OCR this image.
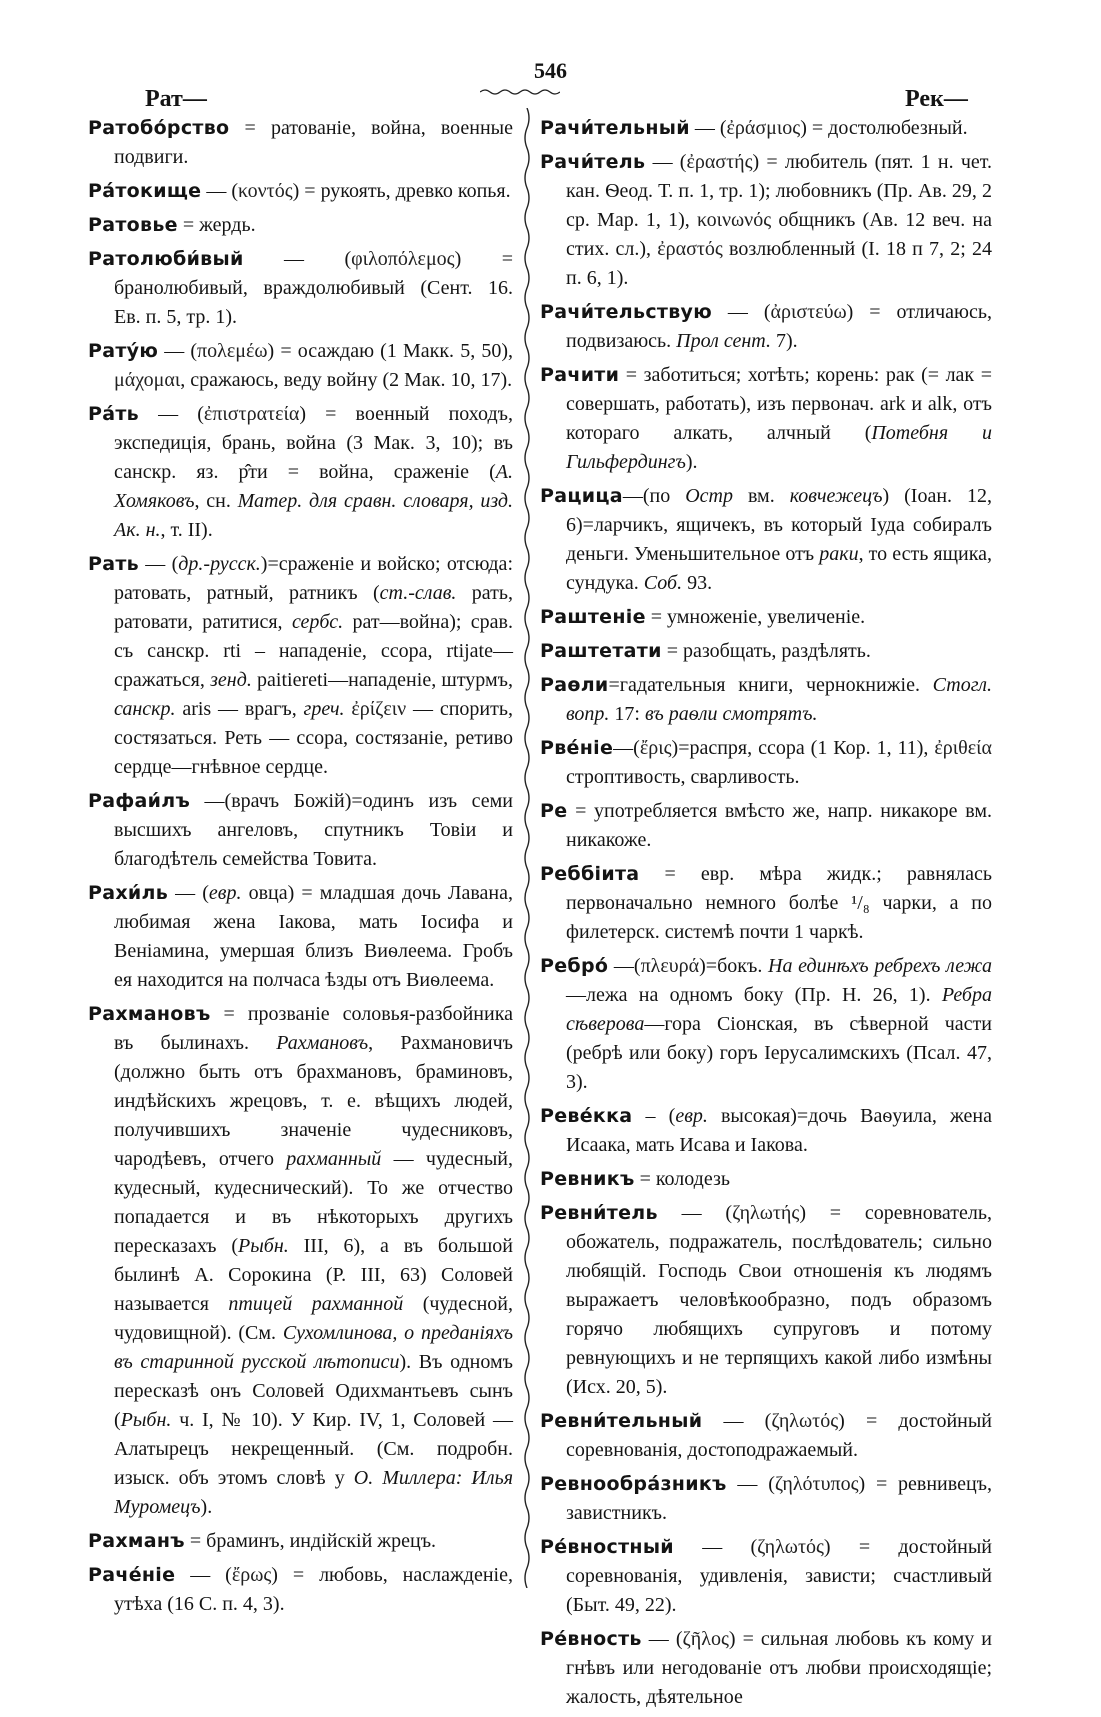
Рат—
546
Рек—
Ратобо́рство = ратованіе, война, военные подвиги.
Ра́токище — (κοντός) = рукоять, древко копья.
Ратовье = жердь.
Ратолюби́вый — (φιλοπόλεμος) = бранолюбивый, враждолюбивый (Сент. 16. Ев. п. 5, тр. 1).
Рату́ю — (πολεμέω) = осаждаю (1 Макк. 5, 50), μάχομαι, сражаюсь, веду войну (2 Мак. 10, 17).
Ра́ть — (ἐπιστρατεία) = военный походъ, экспедиція, брань, война (3 Мак. 3, 10); въ санскр. яз. р̂ти = война, сраженіе (А. Хомяковъ, сн. Матер. для сравн. словаря, изд. Ак. н., т. II).
Рать — (др.-русск.)=сраженіе и войско; отсюда: ратовать, ратный, ратникъ (ст.-слав. рать, ратовати, ратитися, сербс. рат—война); срав. съ санскр. rti – нападеніе, ссора, rtijate—сражаться, зенд. paitiereti—нападеніе, штурмъ, санскр. aris — врагъ, греч. ἐρίζειν — спорить, состязаться. Реть — ссора, состязаніе, ретиво сердце—гнѣвное сердце.
Рафаи́лъ —(врачъ Божій)=одинъ изъ семи высшихъ ангеловъ, спутникъ Товіи и благодѣтель семейства Товита.
Рахи́ль — (евр. овца) = младшая дочь Лавана, любимая жена Іакова, мать Іосифа и Веніамина, умершая близъ Виѳлеема. Гробъ ея находится на полчаса ѣзды отъ Виѳлеема.
Рахмановъ = прозваніе соловья-разбойника въ былинахъ. Рахмановъ, Рахмановичъ (должно быть отъ брахмановъ, браминовъ, индѣйскихъ жрецовъ, т. е. вѣщихъ людей, получившихъ значеніе чудесниковъ, чародѣевъ, отчего рахманный — чудесный, кудесный, кудеснический). То же отчество попадается и въ нѣкоторыхъ другихъ пересказахъ (Рыбн. III, 6), а въ большой былинѣ А. Сорокина (Р. III, 63) Соловей называется птицей рахманной (чудесной, чудовищной). (См. Сухомлинова, о преданіяхъ въ старинной русской лѣтописи). Въ одномъ пересказѣ онъ Соловей Одихмантьевъ сынъ (Рыбн. ч. I, № 10). У Кир. IV, 1, Соловей — Алатырецъ некрещенный. (См. подробн. изыск. объ этомъ словѣ у О. Миллера: Илья Муромецъ).
Рахманъ = браминъ, индійскій жрецъ.
Раче́ніе — (ἔρως) = любовь, наслажденіе, утѣха (16 С. п. 4, 3).
Рачи́тельный — (ἐράσμιος) = достолюбезный.
Рачи́тель — (ἐραστής) = любитель (пят. 1 н. чет. кан. Ѳеод. Т. п. 1, тр. 1); любовникъ (Пр. Ав. 29, 2 ср. Мар. 1, 1), κοινωνός общникъ (Ав. 12 веч. на стих. сл.), ἐραστός возлюбленный (І. 18 п 7, 2; 24 п. 6, 1).
Рачи́тельствую — (ἀριστεύω) = отличаюсь, подвизаюсь. Прол сент. 7).
Рачити = заботиться; хотѣть; корень: рак (= лак = совершать, работать), изъ первонач. ark и alk, отъ котораго алкать, алчный (Потебня и Гильфердингъ).
Рацица—(по Остр вм. ковчежецъ) (Іоан. 12, 6)=ларчикъ, ящичекъ, въ который Іуда собиралъ деньги. Уменьшительное отъ раки, то есть ящика, сундука. Соб. 93.
Раштеніе = умноженіе, увеличеніе.
Раштетати = разобщать, раздѣлять.
Раѳли=гадательныя книги, чернокнижіе. Стогл. вопр. 17: въ раѳли смотрятъ.
Рве́ніе—(ἔρις)=распря, ссора (1 Кор. 1, 11), ἐριθεία строптивость, сварливость.
Ре = употребляется вмѣсто же, напр. никакоре вм. никакоже.
Реббіита = евр. мѣра жидк.; равнялась первоначально немного болѣе ¹/₈ чарки, а по филетерск. системѣ почти 1 чаркѣ.
Ребро́ —(πλευρά)=бокъ. На единѣхъ ребрехъ лежа—лежа на одномъ боку (Пр. Н. 26, 1). Ребра сѣверова—гора Сіонская, въ сѣверной части (ребрѣ или боку) горъ Іерусалимскихъ (Псал. 47, 3).
Реве́кка – (евр. высокая)=дочь Ваѳуила, жена Исаака, мать Исава и Іакова.
Ревникъ = колодезь
Ревни́тель — (ζηλωτής) = соревнователь, обожатель, подражатель, послѣдователь; сильно любящій. Господь Свои отношенія къ людямъ выражаетъ человѣкообразно, подъ образомъ горячо любящихъ супруговъ и потому ревнующихъ и не терпящихъ какой либо измѣны (Исх. 20, 5).
Ревни́тельный — (ζηλωτός) = достойный соревнованія, достоподражаемый.
Ревнообра́зникъ — (ζηλότυπος) = ревнивецъ, завистникъ.
Ре́вностный — (ζηλωτός) = достойный соревнованія, удивленія, зависти; счастливый (Быт. 49, 22).
Ре́вность — (ζῆλος) = сильная любовь къ кому и гнѣвъ или негодованіе отъ любви происходящіе; жалость, дѣятельное
